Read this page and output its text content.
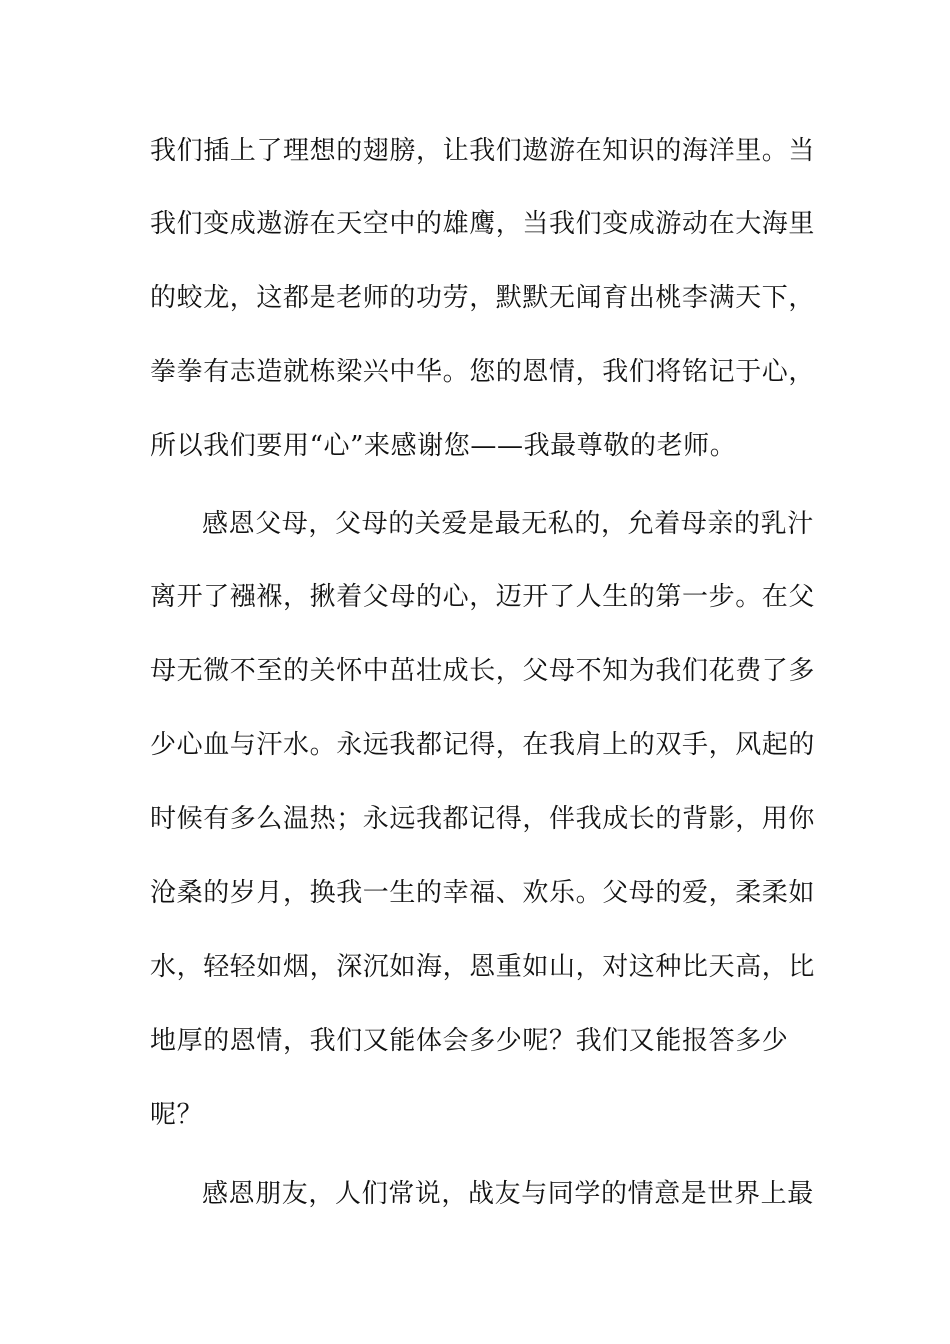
我们插上了理想的翅膀，让我们遨游在知识的海洋里。当
我们变成遨游在天空中的雄鹰，当我们变成游动在大海里
的蛟龙，这都是老师的功劳，默默无闻育出桃李满天下，
拳拳有志造就栋梁兴中华。您的恩情，我们将铭记于心，
所以我们要用“心”来感谢您——我最尊敬的老师。
感恩父母，父母的关爱是最无私的，允着母亲的乳汁
离开了襁褓，揪着父母的心，迈开了人生的第一步。在父
母无微不至的关怀中茁壮成长，父母不知为我们花费了多
少心血与汗水。永远我都记得，在我肩上的双手，风起的
时候有多么温热；永远我都记得，伴我成长的背影，用你
沧桑的岁月，换我一生的幸福、欢乐。父母的爱，柔柔如
水，轻轻如烟，深沉如海，恩重如山，对这种比天高，比
地厚的恩情，我们又能体会多少呢？我们又能报答多少
呢？
感恩朋友，人们常说，战友与同学的情意是世界上最
